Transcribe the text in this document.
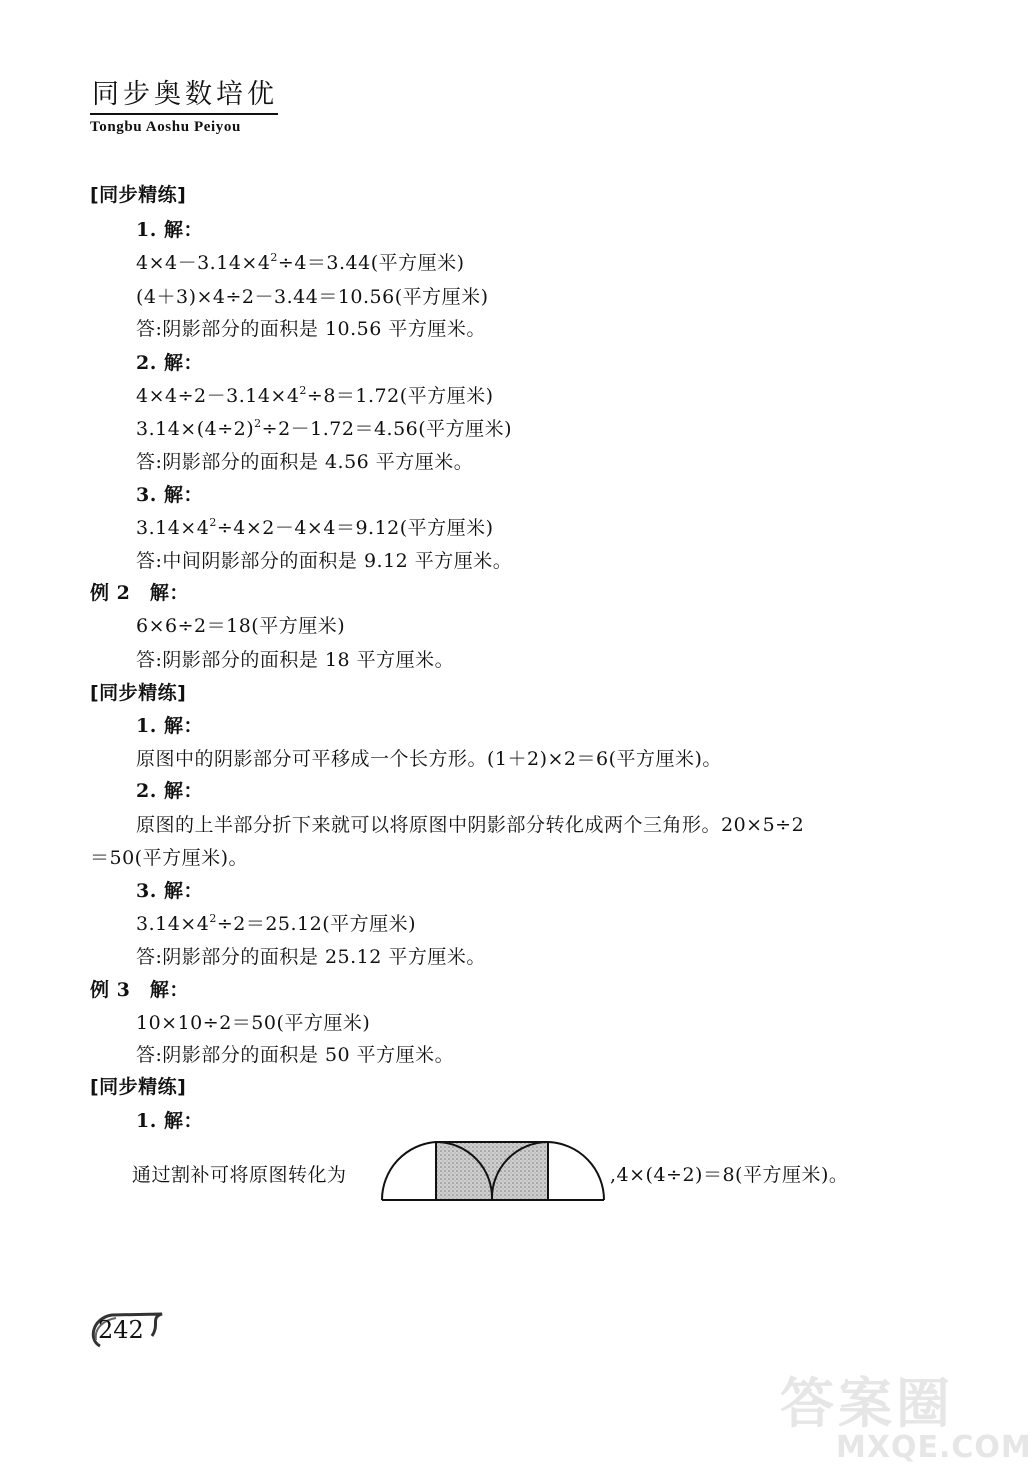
同步奥数培优
Tongbu Aoshu Peiyou
[同步精练]
1. 解：
$4\times 4-3.14\times 4^2\div 4=3.44$(平方厘米)
(4＋3)×4÷2－3.44＝10.56(平方厘米)
答:阴影部分的面积是 10.56 平方厘米。
2. 解：
$4\times 4\div 2-3.14\times 4^2\div 8=1.72$(平方厘米)
$3.14\times(4\div 2)^2\div 2-1.72=4.56$(平方厘米)
答:阴影部分的面积是 4.56 平方厘米。
3. 解：
$3.14\times 4^2\div 4\times 2-4\times 4=9.12$(平方厘米)
答:中间阴影部分的面积是 9.12 平方厘米。
例 2　解：
6×6÷2＝18(平方厘米)
答:阴影部分的面积是 18 平方厘米。
[同步精练]
1. 解：
原图中的阴影部分可平移成一个长方形。(1＋2)×2＝6(平方厘米)。
2. 解：
原图的上半部分折下来就可以将原图中阴影部分转化成两个三角形。20×5÷2
＝50(平方厘米)。
3. 解：
$3.14\times 4^2\div 2=25.12$(平方厘米)
答:阴影部分的面积是 25.12 平方厘米。
例 3　解：
10×10÷2＝50(平方厘米)
答:阴影部分的面积是 50 平方厘米。
[同步精练]
1. 解：
通过割补可将原图转化为	,4×(4÷2)＝8(平方厘米)。
242
答案圈
MXQE.COM
